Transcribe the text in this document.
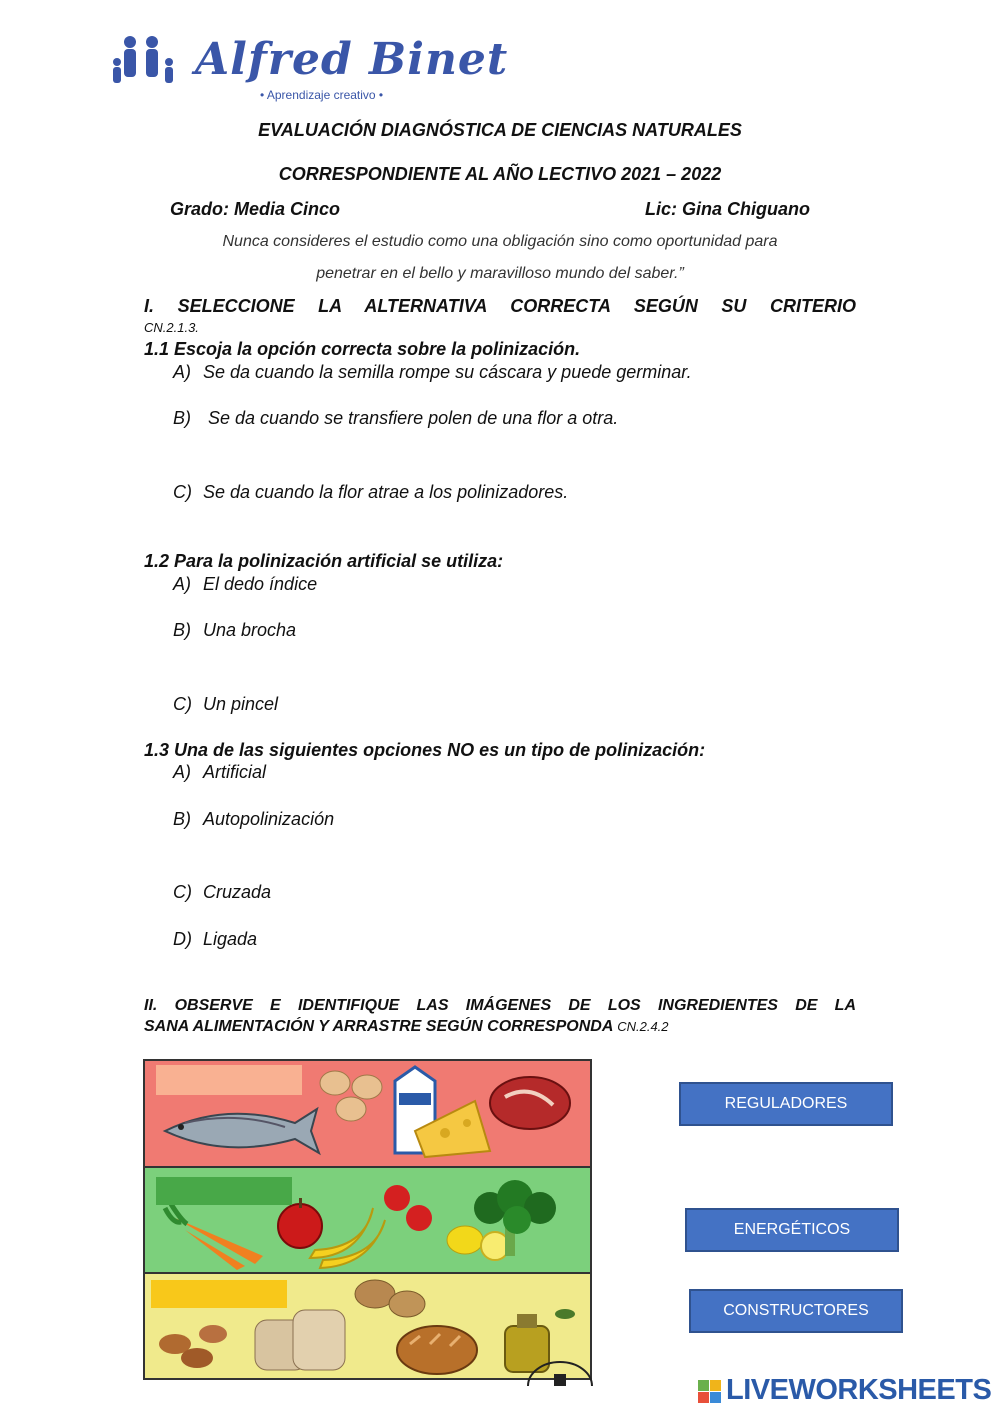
Alfred Binet
• Aprendizaje creativo •
EVALUACIÓN DIAGNÓSTICA DE CIENCIAS NATURALES
CORRESPONDIENTE AL AÑO LECTIVO 2021 – 2022
Grado: Media Cinco	Lic: Gina Chiguano
Nunca consideres el estudio como una obligación sino como oportunidad para
penetrar en el bello y maravilloso mundo del saber.”
I. SELECCIONE LA ALTERNATIVA CORRECTA SEGÚN SU CRITERIO
CN.2.1.3.
1.1 Escoja la opción correcta sobre la polinización.
A) Se da cuando la semilla rompe su cáscara y puede germinar.
B) Se da cuando se transfiere polen de una flor a otra.
C) Se da cuando la flor atrae a los polinizadores.
1.2 Para la polinización artificial se utiliza:
A) El dedo índice
B) Una brocha
C) Un pincel
1.3 Una de las siguientes opciones NO es un tipo de polinización:
A) Artificial
B) Autopolinización
C) Cruzada
D) Ligada
II. OBSERVE E IDENTIFIQUE LAS IMÁGENES DE LOS INGREDIENTES DE LA
SANA ALIMENTACIÓN Y ARRASTRE SEGÚN CORRESPONDA CN.2.4.2
REGULADORES
ENERGÉTICOS
CONSTRUCTORES
LIVEWORKSHEETS
